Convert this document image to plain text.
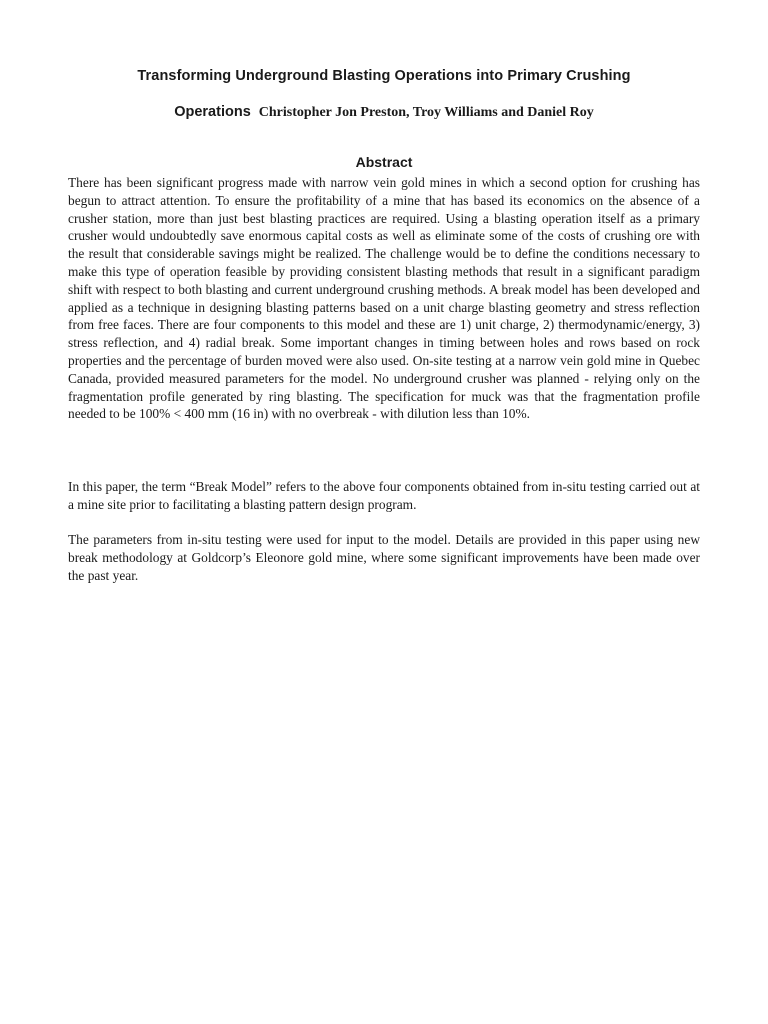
Transforming Underground Blasting Operations into Primary Crushing
Operations Christopher Jon Preston, Troy Williams and Daniel Roy
Abstract

There has been significant progress made with narrow vein gold mines in which a second option for crushing has begun to attract attention. To ensure the profitability of a mine that has based its economics on the absence of a crusher station, more than just best blasting practices are required. Using a blasting operation itself as a primary crusher would undoubtedly save enormous capital costs as well as eliminate some of the costs of crushing ore with the result that considerable savings might be realized. The challenge would be to define the conditions necessary to make this type of operation feasible by providing consistent blasting methods that result in a significant paradigm shift with respect to both blasting and current underground crushing methods. A break model has been developed and applied as a technique in designing blasting patterns based on a unit charge blasting geometry and stress reflection from free faces. There are four components to this model and these are 1) unit charge, 2) thermodynamic/energy, 3) stress reflection, and 4) radial break. Some important changes in timing between holes and rows based on rock properties and the percentage of burden moved were also used. On-site testing at a narrow vein gold mine in Quebec Canada, provided measured parameters for the model. No underground crusher was planned - relying only on the fragmentation profile generated by ring blasting. The specification for muck was that the fragmentation profile needed to be 100% < 400 mm (16 in) with no overbreak - with dilution less than 10%.

In this paper, the term “Break Model” refers to the above four components obtained from in-situ testing carried out at a mine site prior to facilitating a blasting pattern design program.

The parameters from in-situ testing were used for input to the model. Details are provided in this paper using new break methodology at Goldcorp’s Eleonore gold mine, where some significant improvements have been made over the past year.
